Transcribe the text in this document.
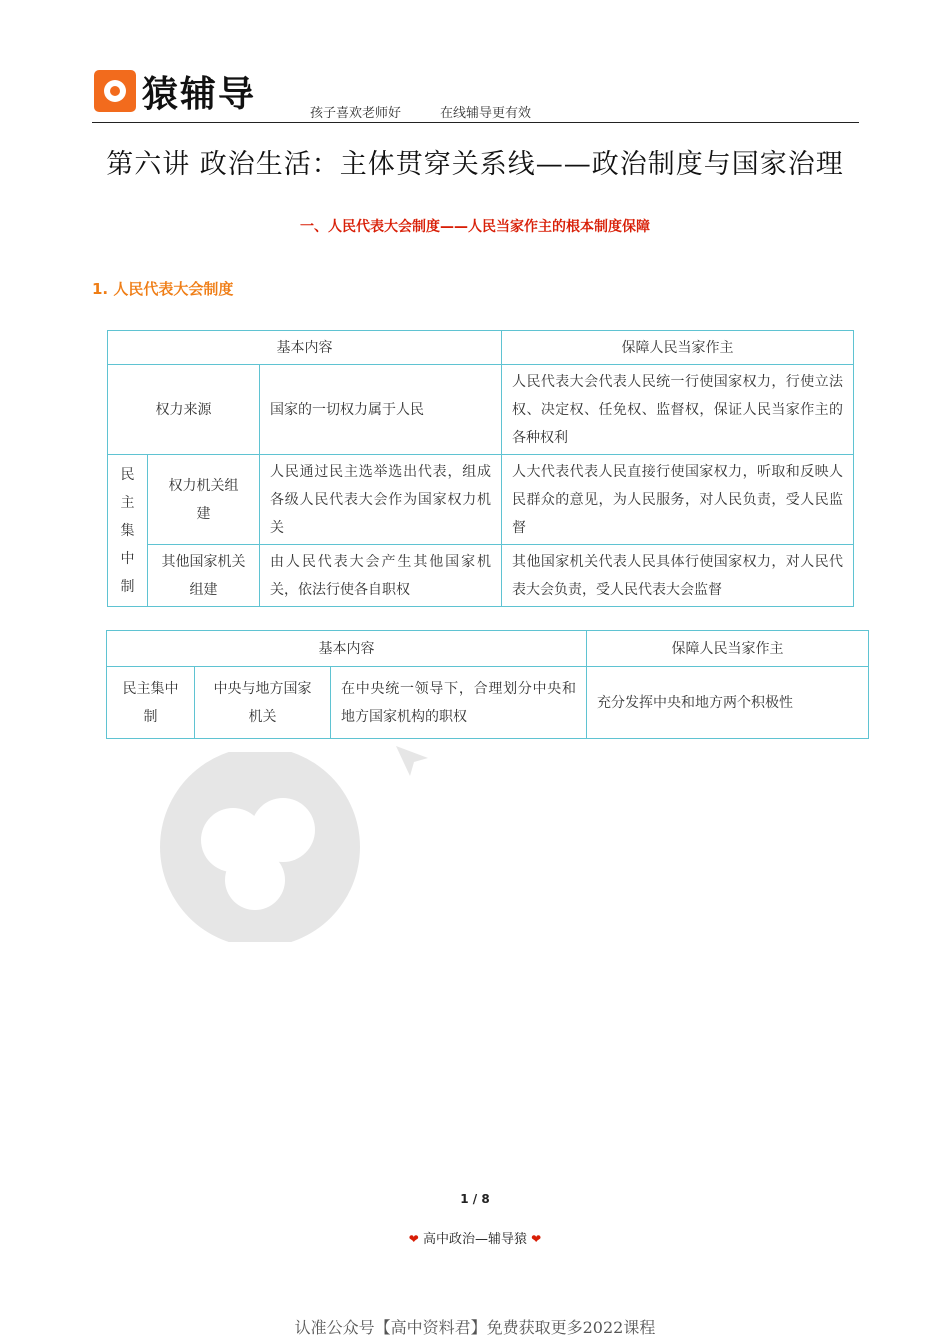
猿辅导	孩子喜欢老师好	在线辅导更有效
第六讲 政治生活：主体贯穿关系线——政治制度与国家治理
一、人民代表大会制度——人民当家作主的根本制度保障
1. 人民代表大会制度
基本内容			保障人民当家作主
权力来源		国家的一切权力属于人民	人民代表大会代表人民统一行使国家权力，行使立法权、决定权、任免权、监督权，保证人民当家作主的各种权利

民主集中制	权力机关组建	人民通过民主选举选出代表，组成各级人民代表大会作为国家权力机关	人大代表代表人民直接行使国家权力，听取和反映人民群众的意见，为人民服务，对人民负责，受人民监督
	其他国家机关组建	由人民代表大会产生其他国家机关，依法行使各自职权	其他国家机关代表人民具体行使国家权力，对人民代表大会负责，受人民代表大会监督
基本内容			保障人民当家作主
民主集中制	中央与地方国家机关	在中央统一领导下，合理划分中央和地方国家机构的职权	充分发挥中央和地方两个积极性
1 / 8
❤ 高中政治—辅导猿 ❤
认准公众号【高中资料君】免费获取更多2022课程
